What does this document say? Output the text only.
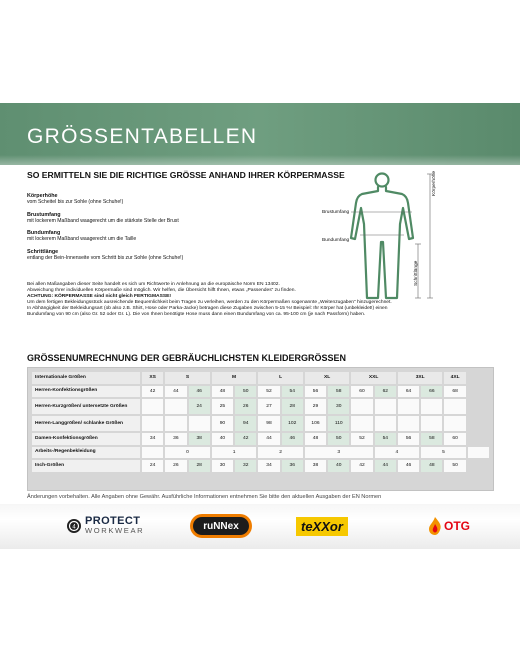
GRÖSSENTABELLEN
SO ERMITTELN SIE DIE RICHTIGE GRÖSSE ANHAND IHRER KÖRPERMASSE
Körperhöhe
vom Scheitel bis zur Sohle (ohne Schuhe!)
Brustumfang
mit lockerem Maßband waagerecht um die stärkste Stelle der Brust
Bundumfang
mit lockerem Maßband waagerecht um die Taille
Schrittlänge
entlang der Bein-Innenseite vom Schritt bis zur Sohle (ohne Schuhe!)
Bei allen Maßangaben dieser Seite handelt es sich um Richtwerte in Anlehnung an die europäische Norm EN 13402.
Abweichung Ihrer individuellen Körpermaße sind möglich. Wir helfen, die Übersicht hilft Ihnen, etwas „Passendes“ zu finden.
ACHTUNG: KÖRPERMASSE sind nicht gleich FERTIGMASSE!
Um dem fertigen Bekleidungsstück ausreichende Bequemlichkeit beim Tragen zu verleihen, werden zu den Körpermaßen sogenannte „Weitenzugaben“ hinzugerechnet.
In Abhängigkeit der Bekleidungsart (ob also z.B. Shirt, Hose oder Parka-Jacke) betragen diese Zugaben zwischen 5-15 %! Beispiel: Ihr Körper hat (unbekleidet!) einen
Bundumfang von 90 cm (also Gr. 52 oder Gr. L). Die von Ihnen benötigte Hose muss dann einen Bundumfang von ca. 95-100 cm (je nach Passform) haben.
Brustumfang
Bundumfang
Körperhöhe
Schrittlänge
GRÖSSENUMRECHNUNG DER GEBRÄUCHLICHSTEN KLEIDERGRÖSSEN
Internationale Größen	XS	S		M		L		XL		XXL		3XL		4XL	
Herren-Konfektionsgrößen	42	44	46	48	50	52	54	56	58	60	62	64	66	68	
Herren-Kurzgrößen/ untersetzte Größen			24	25	26	27	28	29	30						
Herren-Langgrößen/ schlanke Größen				90	94	98	102	106	110						
Damen-Konfektionsgrößen	34	36	38	40	42	44	46	48	50	52	54	56	58	60	
Arbeits-/Regenbekleidung		0		1		2		3			4		5		
Inch-Größen	24	26	28	30	32	34	36	38	40	42	44	46	48	50	
Änderungen vorbehalten. Alle Angaben ohne Gewähr. Ausführliche Informationen entnehmen Sie bitte den aktuellen Ausgaben der EN Normen
4
PROTECT
WORKWEAR	ruNNex	teXXor	OTG
